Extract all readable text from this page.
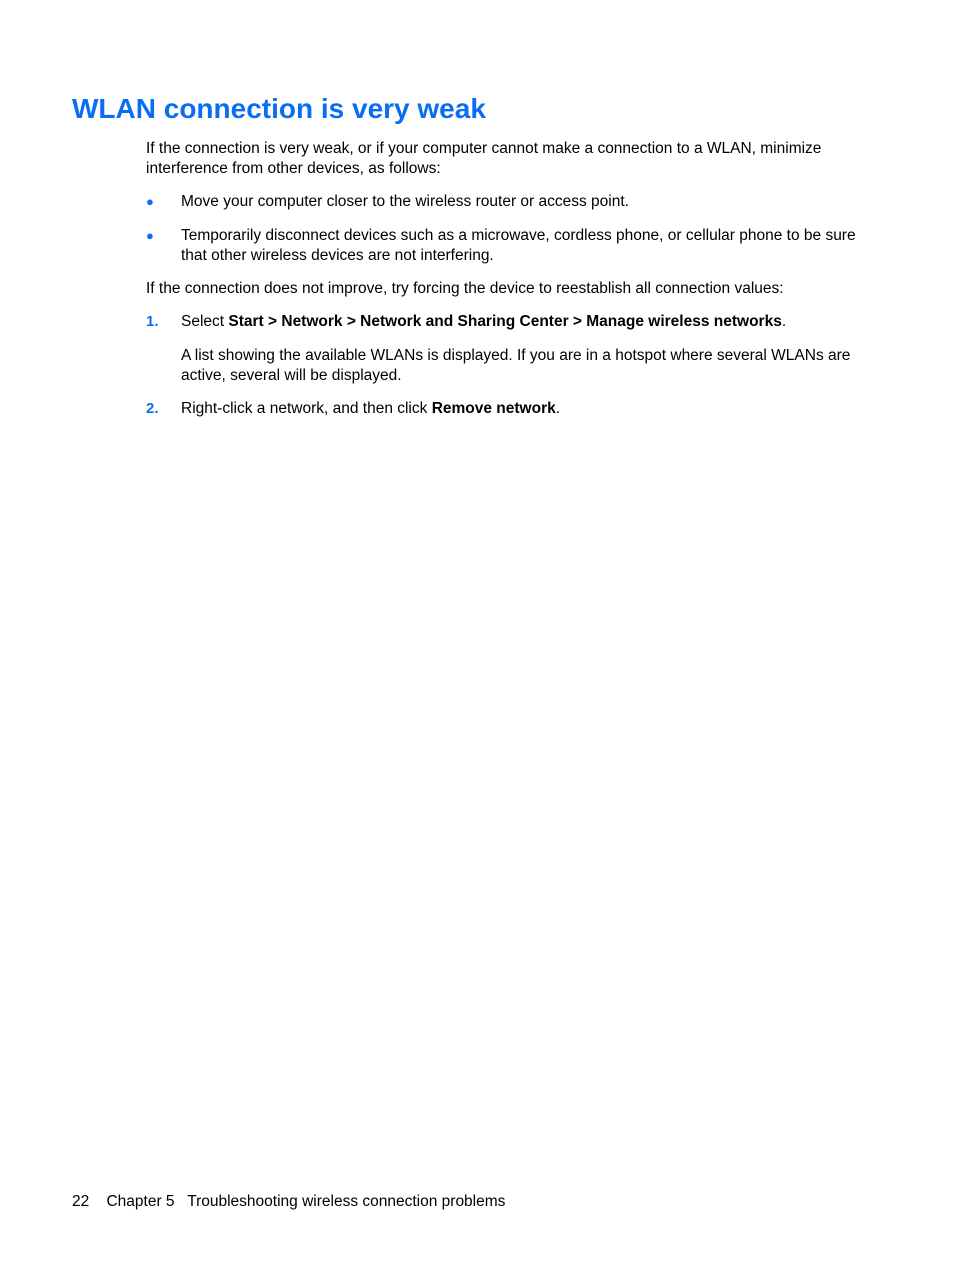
WLAN connection is very weak

If the connection is very weak, or if your computer cannot make a connection to a WLAN, minimize interference from other devices, as follows:

● Move your computer closer to the wireless router or access point.

● Temporarily disconnect devices such as a microwave, cordless phone, or cellular phone to be sure that other wireless devices are not interfering.

If the connection does not improve, try forcing the device to reestablish all connection values:

1. Select Start > Network > Network and Sharing Center > Manage wireless networks.

A list showing the available WLANs is displayed. If you are in a hotspot where several WLANs are active, several will be displayed.

2. Right-click a network, and then click Remove network.

22 Chapter 5 Troubleshooting wireless connection problems
